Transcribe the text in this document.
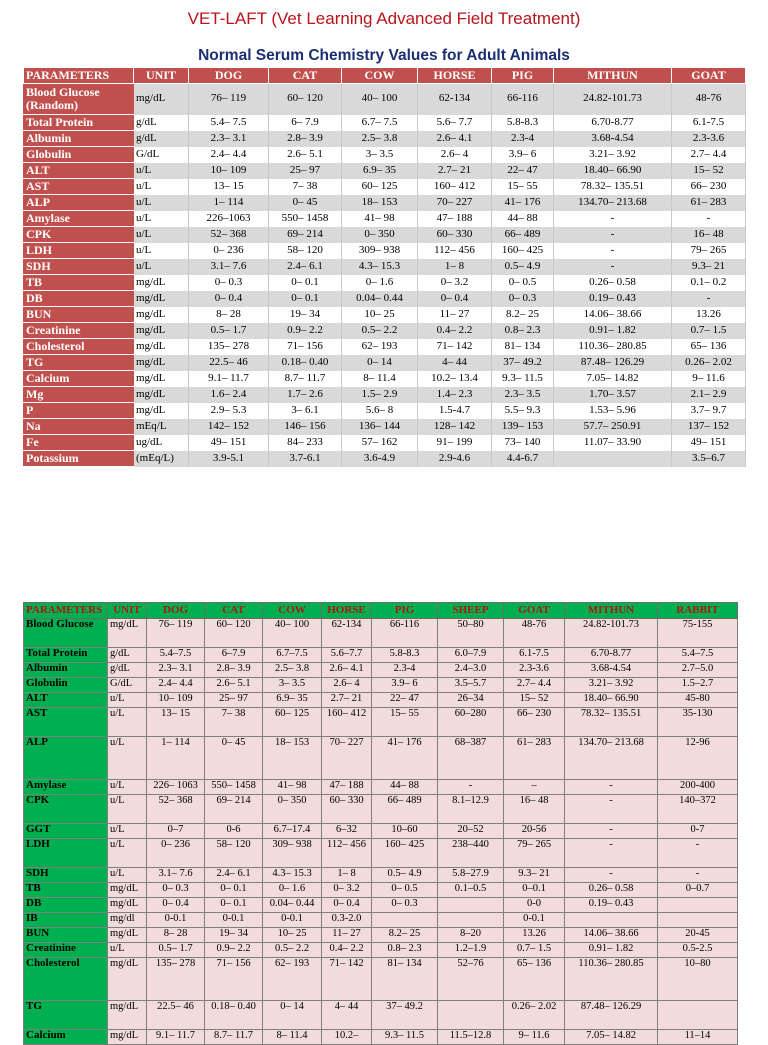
VET-LAFT (Vet Learning Advanced Field Treatment)
Normal Serum Chemistry Values for Adult Animals
PARAMETERS	UNIT	DOG	CAT	COW	HORSE	PIG	MITHUN	GOAT
Blood Glucose (Random)	mg/dL	76– 119	60– 120	40– 100	62-134	66-116	24.82-101.73	48-76
Total Protein	g/dL	5.4– 7.5	6– 7.9	6.7– 7.5	5.6– 7.7	5.8-8.3	6.70-8.77	6.1-7.5
Albumin	g/dL	2.3– 3.1	2.8– 3.9	2.5– 3.8	2.6– 4.1	2.3-4	3.68-4.54	2.3-3.6
Globulin	G/dL	2.4– 4.4	2.6– 5.1	3– 3.5	2.6– 4	3.9– 6	3.21– 3.92	2.7– 4.4
ALT	u/L	10– 109	25– 97	6.9– 35	2.7– 21	22– 47	18.40– 66.90	15– 52
AST	u/L	13– 15	7– 38	60– 125	160– 412	15– 55	78.32– 135.51	66– 230
ALP	u/L	1– 114	0– 45	18– 153	70– 227	41– 176	134.70– 213.68	61– 283
Amylase	u/L	226–1063	550– 1458	41– 98	47– 188	44– 88	-	-
CPK	u/L	52– 368	69– 214	0– 350	60– 330	66– 489	-	16– 48
LDH	u/L	0– 236	58– 120	309– 938	112– 456	160– 425	-	79– 265
SDH	u/L	3.1– 7.6	2.4– 6.1	4.3– 15.3	1– 8	0.5– 4.9	-	9.3– 21
TB	mg/dL	0– 0.3	0– 0.1	0– 1.6	0– 3.2	0– 0.5	0.26– 0.58	0.1– 0.2
DB	mg/dL	0– 0.4	0– 0.1	0.04– 0.44	0– 0.4	0– 0.3	0.19– 0.43	-
BUN	mg/dL	8– 28	19– 34	10– 25	11– 27	8.2– 25	14.06– 38.66	13.26
Creatinine	mg/dL	0.5– 1.7	0.9– 2.2	0.5– 2.2	0.4– 2.2	0.8– 2.3	0.91– 1.82	0.7– 1.5
Cholesterol	mg/dL	135– 278	71– 156	62– 193	71– 142	81– 134	110.36– 280.85	65– 136
TG	mg/dL	22.5– 46	0.18– 0.40	0– 14	4– 44	37– 49.2	87.48– 126.29	0.26– 2.02
Calcium	mg/dL	9.1– 11.7	8.7– 11.7	8– 11.4	10.2– 13.4	9.3– 11.5	7.05– 14.82	9– 11.6
Mg	mg/dL	1.6– 2.4	1.7– 2.6	1.5– 2.9	1.4– 2.3	2.3– 3.5	1.70– 3.57	2.1– 2.9
P	mg/dL	2.9– 5.3	3– 6.1	5.6– 8	1.5-4.7	5.5– 9.3	1.53– 5.96	3.7– 9.7
Na	mEq/L	142– 152	146– 156	136– 144	128– 142	139– 153	57.7– 250.91	137– 152
Fe	ug/dL	49– 151	84– 233	57– 162	91– 199	73– 140	11.07– 33.90	49– 151
Potassium	(mEq/L)	3.9-5.1	3.7-6.1	3.6-4.9	2.9-4.6	4.4-6.7		3.5–6.7
PARAMETERS	UNIT	DOG	CAT	COW	HORSE	PIG	SHEEP	GOAT	MITHUN	RABBIT
Blood Glucose	mg/dL	76– 119	60– 120	40– 100	62-134	66-116	50–80	48-76	24.82-101.73	75-155
Total Protein	g/dL	5.4–7.5	6–7.9	6.7–7.5	5.6–7.7	5.8-8.3	6.0–7.9	6.1-7.5	6.70-8.77	5.4–7.5
Albumin	g/dL	2.3– 3.1	2.8– 3.9	2.5– 3.8	2.6– 4.1	2.3-4	2.4–3.0	2.3-3.6	3.68-4.54	2.7–5.0
Globulin	G/dL	2.4– 4.4	2.6– 5.1	3– 3.5	2.6– 4	3.9– 6	3.5–5.7	2.7– 4.4	3.21– 3.92	1.5–2.7
ALT	u/L	10– 109	25– 97	6.9– 35	2.7– 21	22– 47	26–34	15– 52	18.40– 66.90	45-80
AST	u/L	13– 15	7– 38	60– 125	160– 412	15– 55	60–280	66– 230	78.32– 135.51	35-130
ALP	u/L	1– 114	0– 45	18– 153	70– 227	41– 176	68–387	61– 283	134.70– 213.68	12-96
Amylase	u/L	226– 1063	550– 1458	41– 98	47– 188	44– 88	-	–	-	200-400
CPK	u/L	52– 368	69– 214	0– 350	60– 330	66– 489	8.1–12.9	16– 48	-	140–372
GGT	u/L	0–7	0-6	6.7–17.4	6–32	10–60	20–52	20-56	-	0-7
LDH	u/L	0– 236	58– 120	309– 938	112– 456	160– 425	238–440	79– 265	-	-
SDH	u/L	3.1– 7.6	2.4– 6.1	4.3– 15.3	1– 8	0.5– 4.9	5.8–27.9	9.3– 21	-	-
TB	mg/dL	0– 0.3	0– 0.1	0– 1.6	0– 3.2	0– 0.5	0.1–0.5	0–0.1	0.26– 0.58	0–0.7
DB	mg/dL	0– 0.4	0– 0.1	0.04– 0.44	0– 0.4	0– 0.3		0-0	0.19– 0.43	
IB	mg/dl	0-0.1	0-0.1	0-0.1	0.3-2.0			0-0.1		
BUN	mg/dL	8– 28	19– 34	10– 25	11– 27	8.2– 25	8–20	13.26	14.06– 38.66	20-45
Creatinine	u/L	0.5– 1.7	0.9– 2.2	0.5– 2.2	0.4– 2.2	0.8– 2.3	1.2–1.9	0.7– 1.5	0.91– 1.82	0.5-2.5
Cholesterol	mg/dL	135– 278	71– 156	62– 193	71– 142	81– 134	52–76	65– 136	110.36– 280.85	10–80
TG	mg/dL	22.5– 46	0.18– 0.40	0– 14	4– 44	37– 49.2		0.26– 2.02	87.48– 126.29	
Calcium	mg/dL	9.1– 11.7	8.7– 11.7	8– 11.4	10.2–	9.3– 11.5	11.5–12.8	9– 11.6	7.05– 14.82	11–14
